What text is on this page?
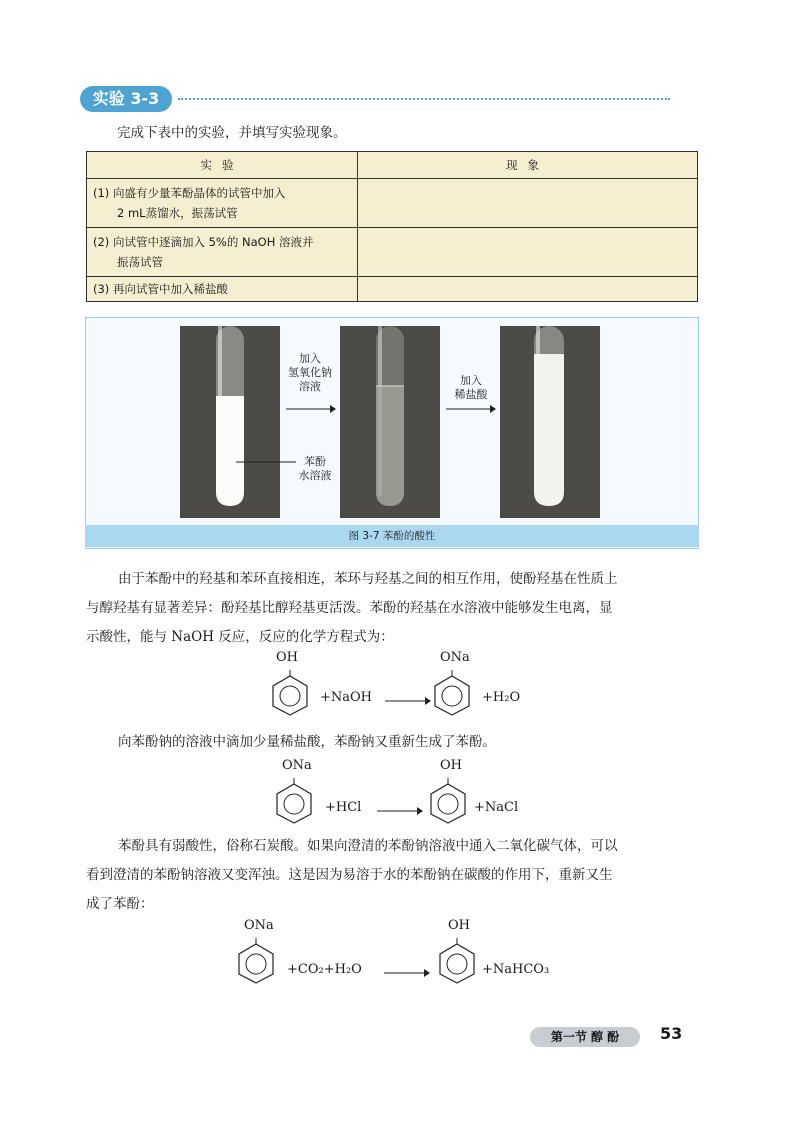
实验 3-3
完成下表中的实验，并填写实验现象。
实验	现象

(1) 向盛有少量苯酚晶体的试管中加入
2 mL蒸馏水，振荡试管	

(2) 向试管中逐滴加入 5%的 NaOH 溶液并
振荡试管	

(3) 再向试管中加入稀盐酸	

加入
氢氧化钠
溶液	加入
稀盐酸
苯酚
水溶液
图 3-7 苯酚的酸性
由于苯酚中的羟基和苯环直接相连，苯环与羟基之间的相互作用，使酚羟基在性质上
与醇羟基有显著差异：酚羟基比醇羟基更活泼。苯酚的羟基在水溶液中能够发生电离，显
示酸性，能与 NaOH 反应，反应的化学方程式为：
OH
+NaOH →
ONa
+H₂O
向苯酚钠的溶液中滴加少量稀盐酸，苯酚钠又重新生成了苯酚。
ONa
+HCl →
OH
+NaCl
苯酚具有弱酸性，俗称石炭酸。如果向澄清的苯酚钠溶液中通入二氧化碳气体，可以
看到澄清的苯酚钠溶液又变浑浊。这是因为易溶于水的苯酚钠在碳酸的作用下，重新又生
成了苯酚：
ONa
+CO₂+H₂O →
OH
+NaHCO₃
第一节 醇 酚	53
